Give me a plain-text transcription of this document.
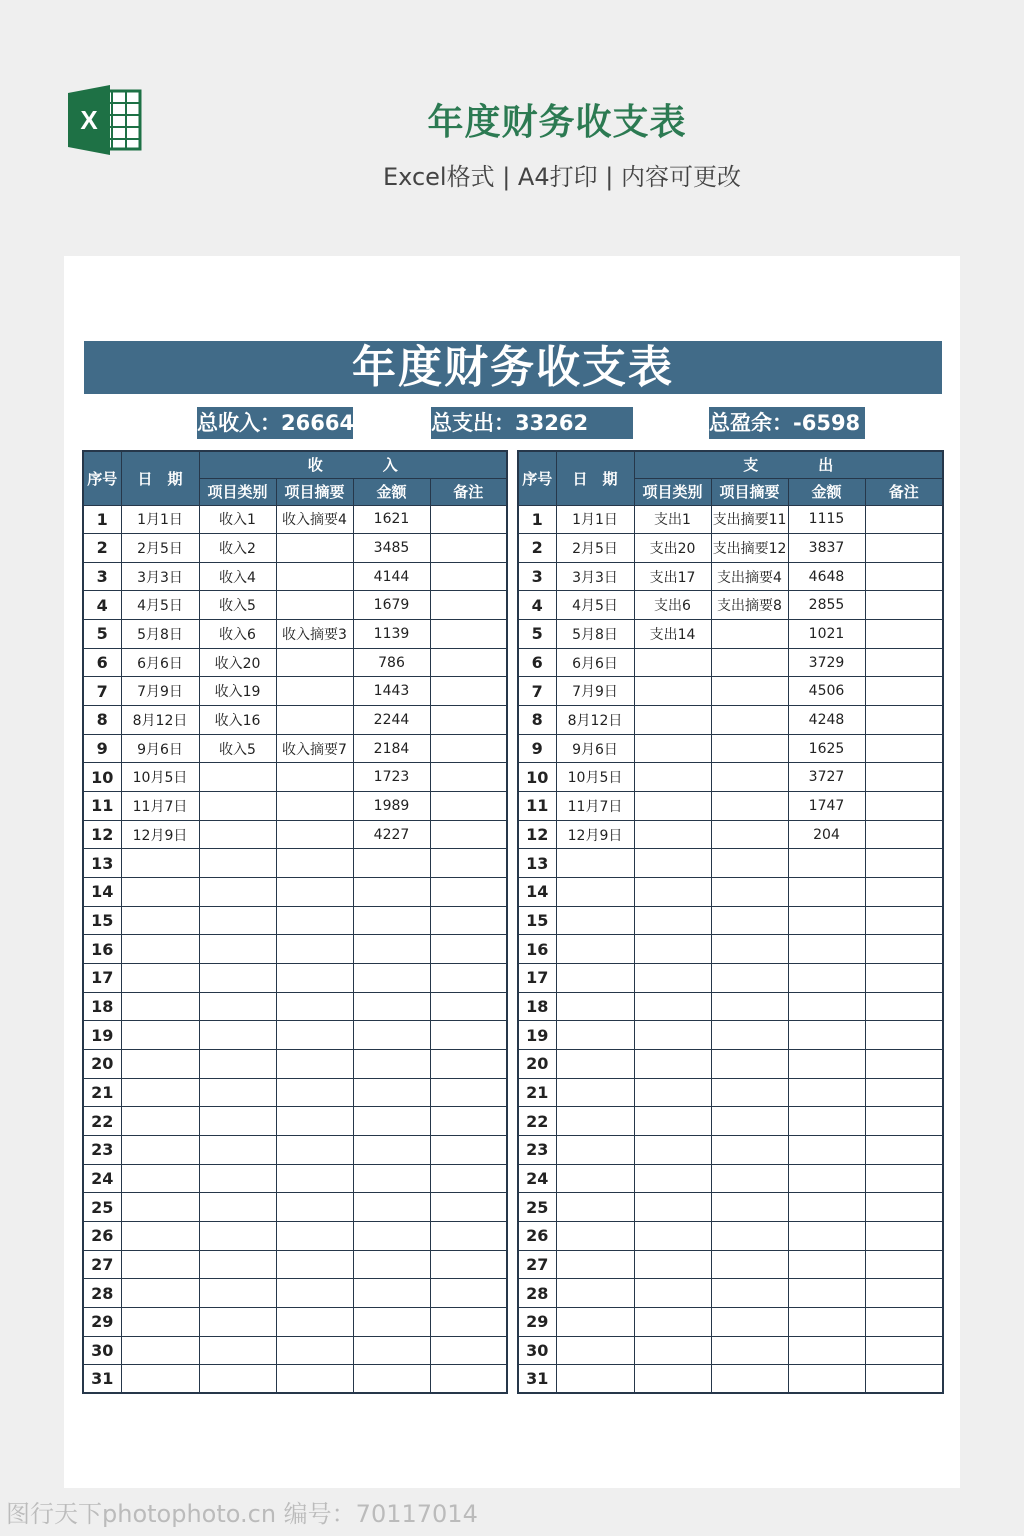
X	年度财务收支表
Excel格式 | A4打印 | 内容可更改
年度财务收支表
总收入：26664	总支出：33262	总盈余：-6598
序号	日　期	收　　　　入			
		项目类别	项目摘要	金额	备注
1	1月1日	收入1	收入摘要4	1621	
2	2月5日	收入2		3485	
3	3月3日	收入4		4144	
4	4月5日	收入5		1679	
5	5月8日	收入6	收入摘要3	1139	
6	6月6日	收入20		786	
7	7月9日	收入19		1443	
8	8月12日	收入16		2244	
9	9月6日	收入5	收入摘要7	2184	
10	10月5日			1723	
11	11月7日			1989	
12	12月9日			4227	
13					
14					
15					
16					
17					
18					
19					
20					
21					
22					
23					
24					
25					
26					
27					
28					
29					
30					
31					
序号	日　期	支　　　　出			
		项目类别	项目摘要	金额	备注
1	1月1日	支出1	支出摘要11	1115	
2	2月5日	支出20	支出摘要12	3837	
3	3月3日	支出17	支出摘要4	4648	
4	4月5日	支出6	支出摘要8	2855	
5	5月8日	支出14		1021	
6	6月6日			3729	
7	7月9日			4506	
8	8月12日			4248	
9	9月6日			1625	
10	10月5日			3727	
11	11月7日			1747	
12	12月9日			204	
13					
14					
15					
16					
17					
18					
19					
20					
21					
22					
23					
24					
25					
26					
27					
28					
29					
30					
31					
图行天下photophoto.cn 编号：70117014
